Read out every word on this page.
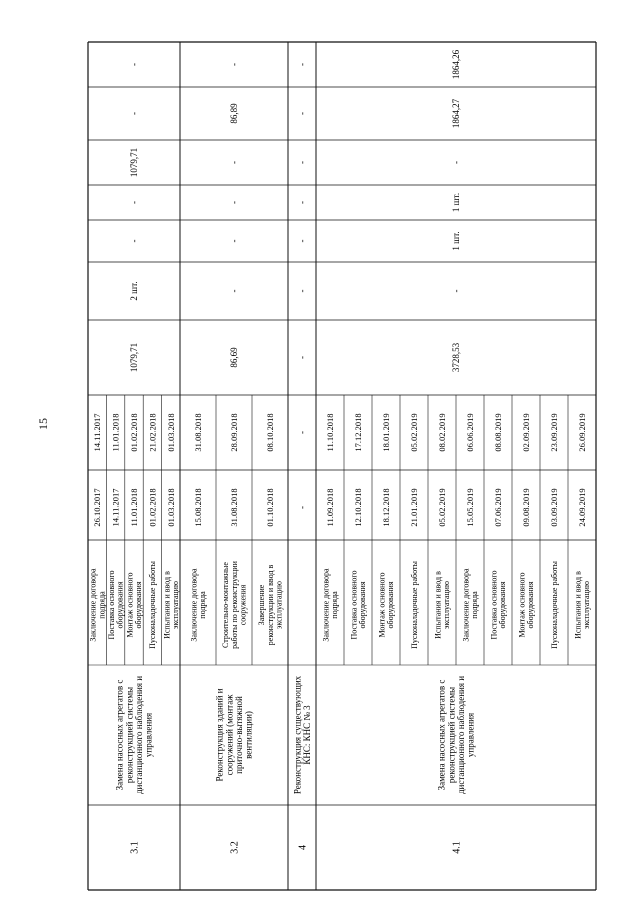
15
3.1
Замена насосных агрегатов среконструкцией системыдистанционного наблюдения иуправления
Заключение договораподряда
26.10.2017
14.11.2017
Поставка основногооборудования
14.11.2017
11.01.2018
Монтаж основногооборудования
11.01.2018
01.02.2018
Пусконаладочные работы
01.02.2018
21.02.2018
Испытания и ввод вэксплуатацию
01.03.2018
01.03.2018
1079,71
2 шт.
-
-
1079,71
-
-
3.2
Реконструкция зданий исооружений (монтажприточно-вытяжнойвентиляции)
Заключение договораподряда
15.08.2018
31.08.2018
Строительно-монтажныеработы по реконструкциисооружения
31.08.2018
28.09.2018
Завершениереконструкции и ввод вэксплуатацию
01.10.2018
08.10.2018
86,69
-
-
-
-
86,89
-
4
Реконструкция существующихКНС: КНС № 3
-
-
-
-
-
-
-
-
-
4.1
Замена насосных агрегатов среконструкцией системыдистанционного наблюдения иуправления
Заключение договораподряда
11.09.2018
11.10.2018
Поставка основногооборудования
12.10.2018
17.12.2018
Монтаж основногооборудования
18.12.2018
18.01.2019
Пусконаладочные работы
21.01.2019
05.02.2019
Испытания и ввод вэксплуатацию
05.02.2019
08.02.2019
Заключение договораподряда
15.05.2019
06.06.2019
Поставка основногооборудования
07.06.2019
08.08.2019
Монтаж основногооборудования
09.08.2019
02.09.2019
Пусконаладочные работы
03.09.2019
23.09.2019
Испытания и ввод вэксплуатацию
24.09.2019
26.09.2019
3728,53
-
1 шт.
1 шт.
-
1864,27
1864,26
